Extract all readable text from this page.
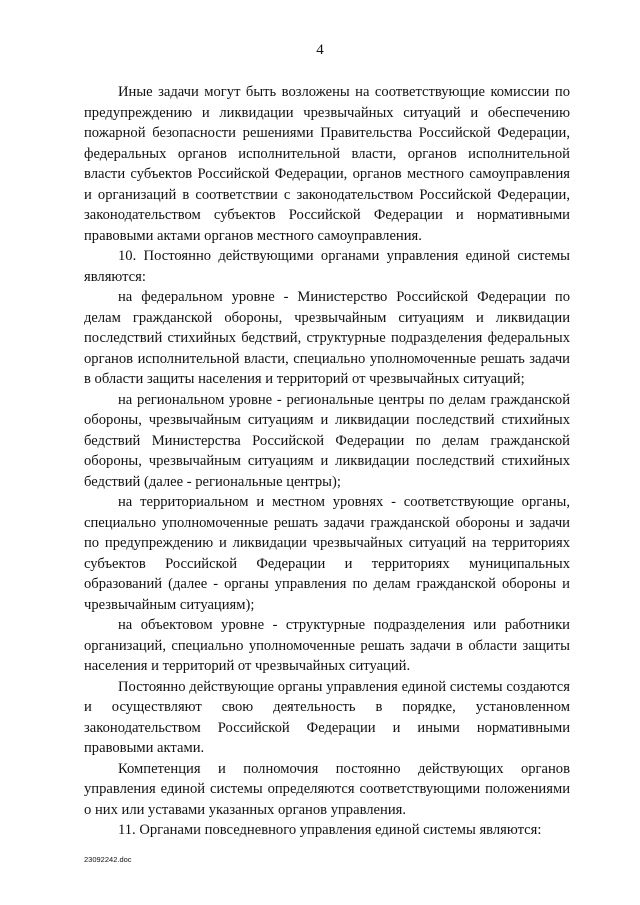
4

Иные задачи могут быть возложены на соответствующие комиссии по предупреждению и ликвидации чрезвычайных ситуаций и обеспечению пожарной безопасности решениями Правительства Российской Федерации, федеральных органов исполнительной власти, органов исполнительной власти субъектов Российской Федерации, органов местного самоуправления и организаций в соответствии с законодательством Российской Федерации, законодательством субъектов Российской Федерации и нормативными правовыми актами органов местного самоуправления.

10. Постоянно действующими органами управления единой системы являются:

на федеральном уровне - Министерство Российской Федерации по делам гражданской обороны, чрезвычайным ситуациям и ликвидации последствий стихийных бедствий, структурные подразделения федеральных органов исполнительной власти, специально уполномоченные решать задачи в области защиты населения и территорий от чрезвычайных ситуаций;

на региональном уровне - региональные центры по делам гражданской обороны, чрезвычайным ситуациям и ликвидации последствий стихийных бедствий Министерства Российской Федерации по делам гражданской обороны, чрезвычайным ситуациям и ликвидации последствий стихийных бедствий (далее - региональные центры);

на территориальном и местном уровнях - соответствующие органы, специально уполномоченные решать задачи гражданской обороны и задачи по предупреждению и ликвидации чрезвычайных ситуаций на территориях субъектов Российской Федерации и территориях муниципальных образований (далее - органы управления по делам гражданской обороны и чрезвычайным ситуациям);

на объектовом уровне - структурные подразделения или работники организаций, специально уполномоченные решать задачи в области защиты населения и территорий от чрезвычайных ситуаций.

Постоянно действующие органы управления единой системы создаются и осуществляют свою деятельность в порядке, установленном законодательством Российской Федерации и иными нормативными правовыми актами.

Компетенция и полномочия постоянно действующих органов управления единой системы определяются соответствующими положениями о них или уставами указанных органов управления.

11. Органами повседневного управления единой системы являются:

23092242.doc
